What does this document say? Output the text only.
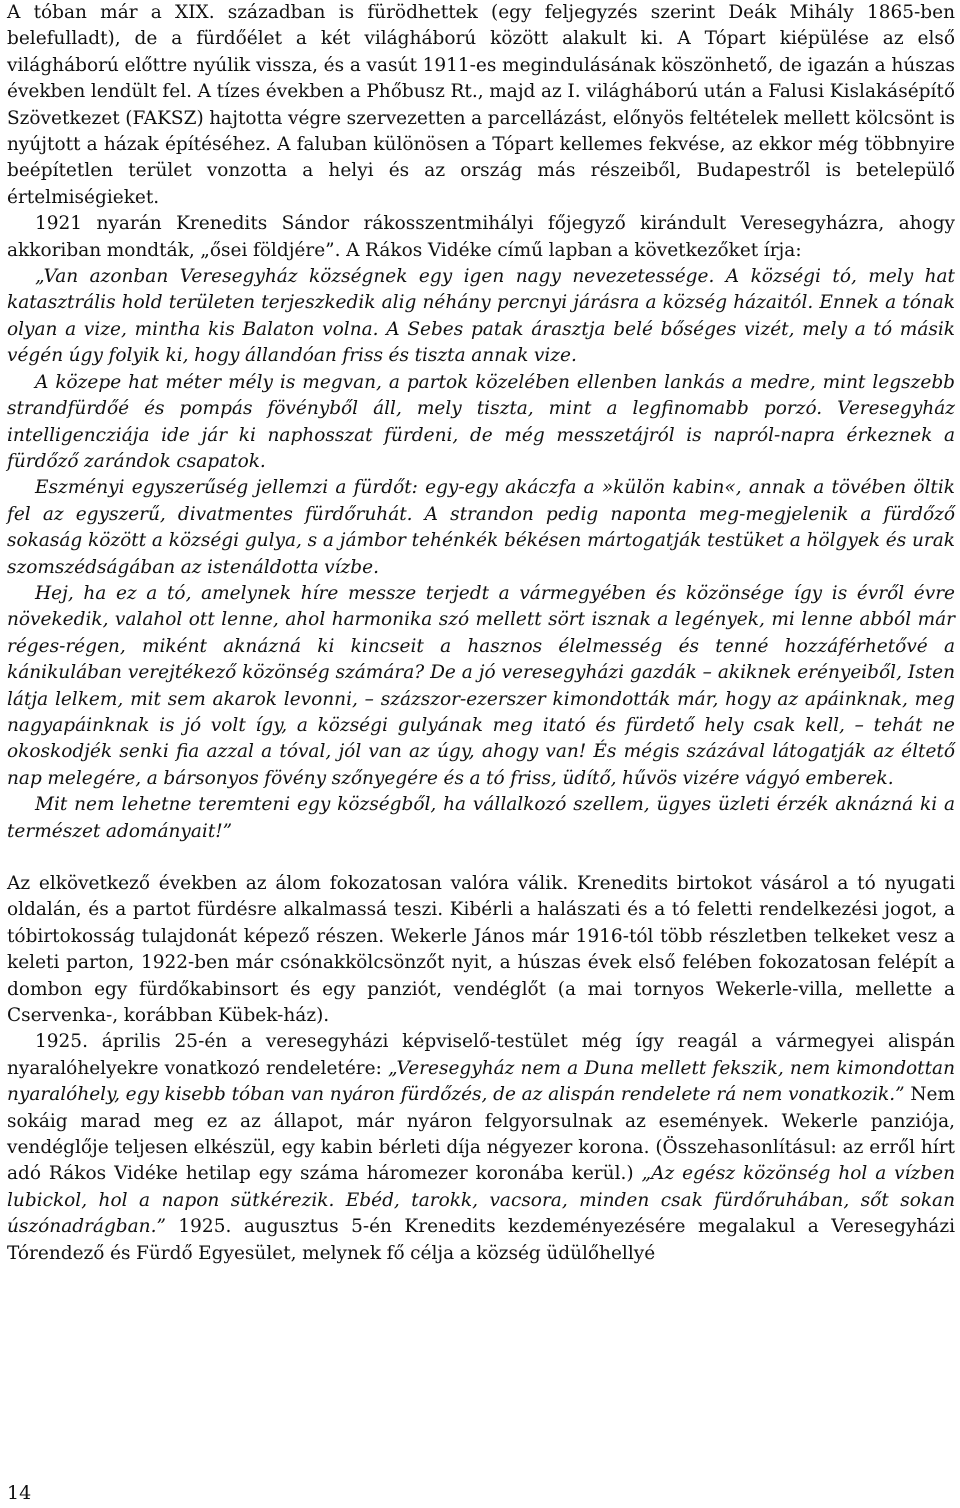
A tóban már a XIX. században is fürödhettek (egy feljegyzés szerint Deák Mihály 1865-ben belefulladt), de a fürdőélet a két világháború között alakult ki. A Tópart kiépülése az első világháború előttre nyúlik vissza, és a vasút 1911-es megindulásának köszönhető, de igazán a húszas években lendült fel. A tízes években a Phőbusz Rt., majd az I. világháború után a Falusi Kislakásépítő Szövetkezet (FAKSZ) hajtotta végre szervezetten a parcellázást, előnyös feltételek mellett kölcsönt is nyújtott a házak építéséhez. A faluban különösen a Tópart kellemes fekvése, az ekkor még többnyire beépítetlen terület vonzotta a helyi és az ország más részeiből, Budapestről is betelepülő értelmiségieket.

1921 nyarán Krenedits Sándor rákosszentmihályi főjegyző kirándult Veresegyházra, ahogy akkoriban mondták, „ősei földjére”. A Rákos Vidéke című lapban a következőket írja:

„Van azonban Veresegyház községnek egy igen nagy nevezetessége. A községi tó, mely hat katasztrális hold területen terjeszkedik alig néhány percnyi járásra a község házaitól. Ennek a tónak olyan a vize, mintha kis Balaton volna. A Sebes patak árasztja belé bőséges vizét, mely a tó másik végén úgy folyik ki, hogy állandóan friss és tiszta annak vize.

A közepe hat méter mély is megvan, a partok közelében ellenben lankás a medre, mint legszebb strandfürdőé és pompás fövényből áll, mely tiszta, mint a legfinomabb porzó. Veresegyház intelligencziája ide jár ki naphosszat fürdeni, de még messzetájról is napról-napra érkeznek a fürdőző zarándok csapatok.

Eszményi egyszerűség jellemzi a fürdőt: egy-egy akáczfa a »külön kabin«, annak a tövében öltik fel az egyszerű, divatmentes fürdőruhát. A strandon pedig naponta meg-megjelenik a fürdőző sokaság között a községi gulya, s a jámbor tehénkék békésen mártogatják testüket a hölgyek és urak szomszédságában az istenáldotta vízbe.

Hej, ha ez a tó, amelynek híre messze terjedt a vármegyében és közönsége így is évről évre növekedik, valahol ott lenne, ahol harmonika szó mellett sört isznak a legények, mi lenne abból már réges-régen, miként aknázná ki kincseit a hasznos élelmesség és tenné hozzáférhetővé a kánikulában verejtékező közönség számára? De a jó veresegyházi gazdák – akiknek erényeiből, Isten látja lelkem, mit sem akarok levonni, – százszor-ezerszer kimondották már, hogy az apáinknak, meg nagyapáinknak is jó volt így, a községi gulyának meg itató és fürdető hely csak kell, – tehát ne okoskodjék senki fia azzal a tóval, jól van az úgy, ahogy van! És mégis százával látogatják az éltető nap melegére, a bársonyos fövény szőnyegére és a tó friss, üdítő, hűvös vizére vágyó emberek.

Mit nem lehetne teremteni egy községből, ha vállalkozó szellem, ügyes üzleti érzék aknázná ki a természet adományait!”

Az elkövetkező években az álom fokozatosan valóra válik. Krenedits birtokot vásárol a tó nyugati oldalán, és a partot fürdésre alkalmassá teszi. Kibérli a halászati és a tó feletti rendelkezési jogot, a tóbirtokosság tulajdonát képező részen. Wekerle János már 1916-tól több részletben telkeket vesz a keleti parton, 1922-ben már csónakkölcsönzőt nyit, a húszas évek első felében fokozatosan felépít a dombon egy fürdőkabinsort és egy panziót, vendéglőt (a mai tornyos Wekerle-villa, mellette a Cservenka-, korábban Kübek-ház).

1925. április 25-én a veresegyházi képviselő-testület még így reagál a vármegyei alispán nyaralóhelyekre vonatkozó rendeletére: „Veresegyház nem a Duna mellett fekszik, nem kimondottan nyaralóhely, egy kisebb tóban van nyáron fürdőzés, de az alispán rendelete rá nem vonatkozik.” Nem sokáig marad meg ez az állapot, már nyáron felgyorsulnak az események. Wekerle panziója, vendéglője teljesen elkészül, egy kabin bérleti díja négyezer korona. (Összehasonlításul: az erről hírt adó Rákos Vidéke hetilap egy száma háromezer koronába kerül.) „Az egész közönség hol a vízben lubickol, hol a napon sütkérezik. Ebéd, tarokk, vacsora, minden csak fürdőruhában, sőt sokan úszónadrágban.” 1925. augusztus 5-én Krenedits kezdeményezésére megalakul a Veresegyházi Tórendező és Fürdő Egyesület, melynek fő célja a község üdülőhellyé

14
